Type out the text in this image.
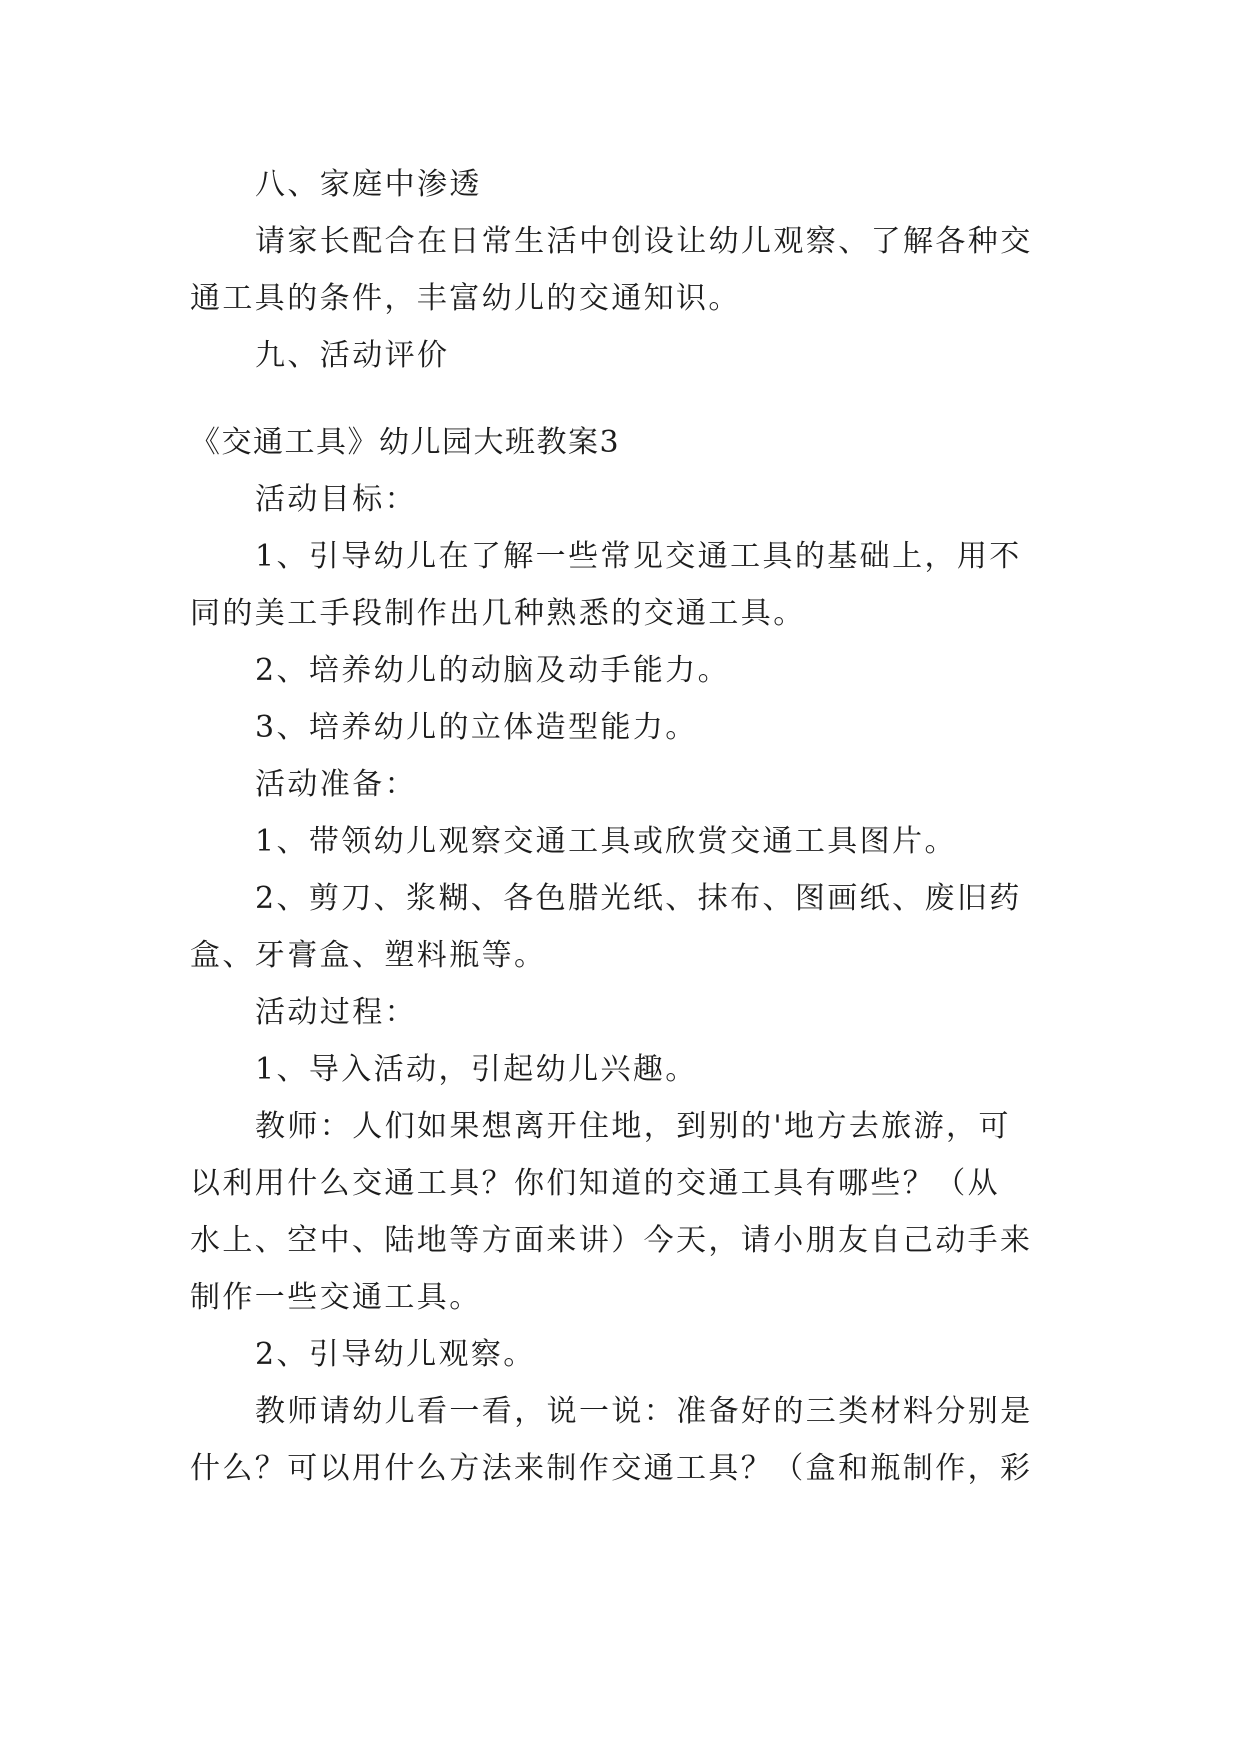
八、家庭中渗透
请家长配合在日常生活中创设让幼儿观察、了解各种交
通工具的条件，丰富幼儿的交通知识。
九、活动评价
《交通工具》幼儿园大班教案3
活动目标：
1、引导幼儿在了解一些常见交通工具的基础上，用不
同的美工手段制作出几种熟悉的交通工具。
2、培养幼儿的动脑及动手能力。
3、培养幼儿的立体造型能力。
活动准备：
1、带领幼儿观察交通工具或欣赏交通工具图片。
2、剪刀、浆糊、各色腊光纸、抹布、图画纸、废旧药
盒、牙膏盒、塑料瓶等。
活动过程：
1、导入活动，引起幼儿兴趣。
教师：人们如果想离开住地，到别的'地方去旅游，可
以利用什么交通工具？你们知道的交通工具有哪些？（从
水上、空中、陆地等方面来讲）今天，请小朋友自己动手来
制作一些交通工具。
2、引导幼儿观察。
教师请幼儿看一看，说一说：准备好的三类材料分别是
什么？可以用什么方法来制作交通工具？（盒和瓶制作，彩
